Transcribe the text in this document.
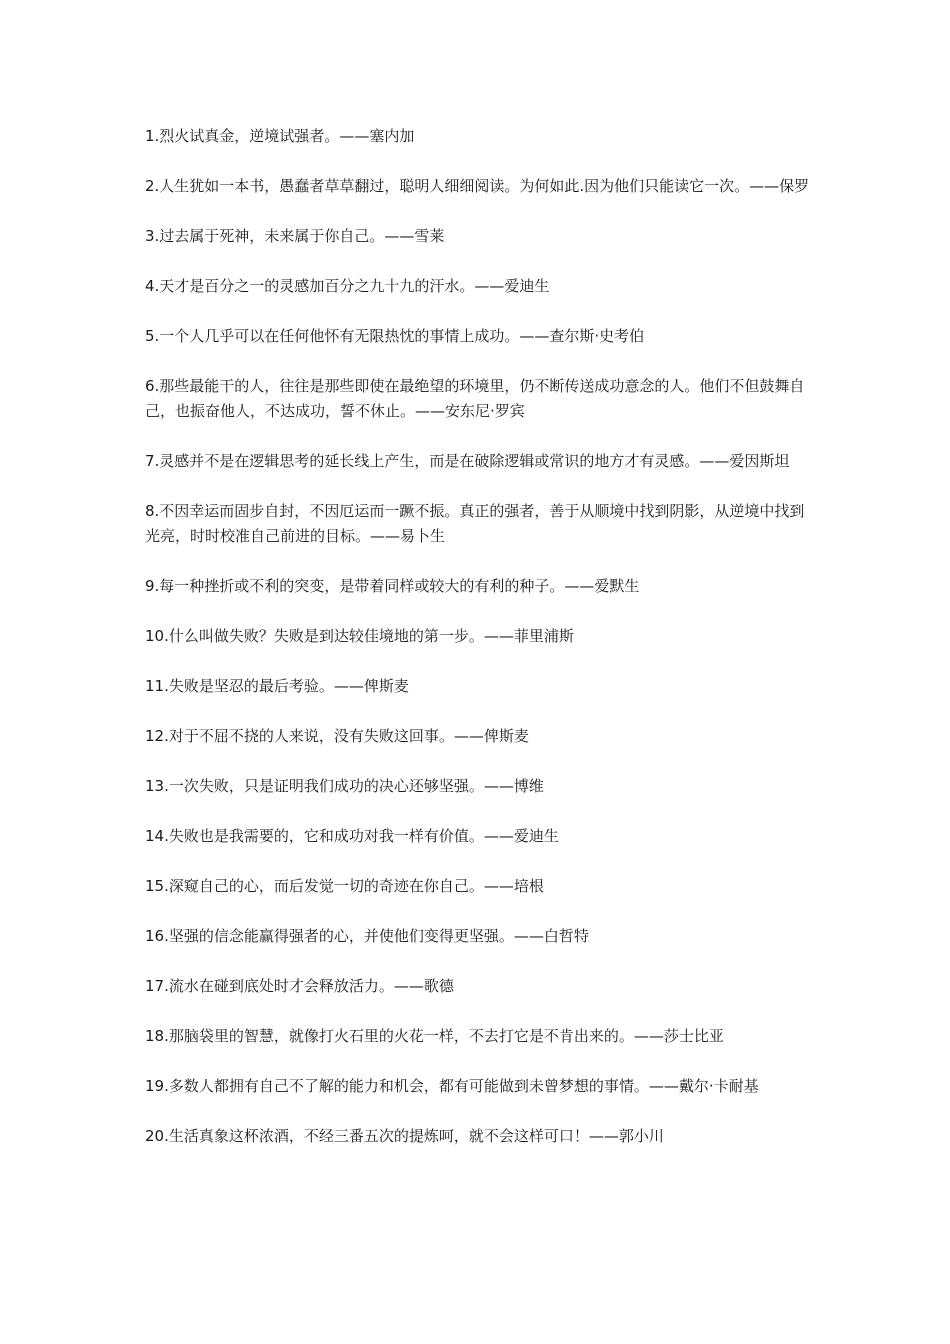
1.烈火试真金，逆境试强者。——塞内加

2.人生犹如一本书，愚蠢者草草翻过，聪明人细细阅读。为何如此.因为他们只能读它一次。——保罗

3.过去属于死神，未来属于你自己。——雪莱

4.天才是百分之一的灵感加百分之九十九的汗水。——爱迪生

5.一个人几乎可以在任何他怀有无限热忱的事情上成功。——查尔斯·史考伯

6.那些最能干的人，往往是那些即使在最绝望的环境里，仍不断传送成功意念的人。他们不但鼓舞自己，也振奋他人，不达成功，誓不休止。——安东尼·罗宾

7.灵感并不是在逻辑思考的延长线上产生，而是在破除逻辑或常识的地方才有灵感。——爱因斯坦

8.不因幸运而固步自封，不因厄运而一蹶不振。真正的强者，善于从顺境中找到阴影，从逆境中找到光亮，时时校准自己前进的目标。——易卜生

9.每一种挫折或不利的突变，是带着同样或较大的有利的种子。——爱默生

10.什么叫做失败？失败是到达较佳境地的第一步。——菲里浦斯

11.失败是坚忍的最后考验。——俾斯麦

12.对于不屈不挠的人来说，没有失败这回事。——俾斯麦

13.一次失败，只是证明我们成功的决心还够坚强。——博维

14.失败也是我需要的，它和成功对我一样有价值。——爱迪生

15.深窥自己的心，而后发觉一切的奇迹在你自己。——培根

16.坚强的信念能赢得强者的心，并使他们变得更坚强。——白哲特

17.流水在碰到底处时才会释放活力。——歌德

18.那脑袋里的智慧，就像打火石里的火花一样，不去打它是不肯出来的。——莎士比亚

19.多数人都拥有自己不了解的能力和机会，都有可能做到未曾梦想的事情。——戴尔·卡耐基

20.生活真象这杯浓酒，不经三番五次的提炼呵，就不会这样可口！——郭小川
